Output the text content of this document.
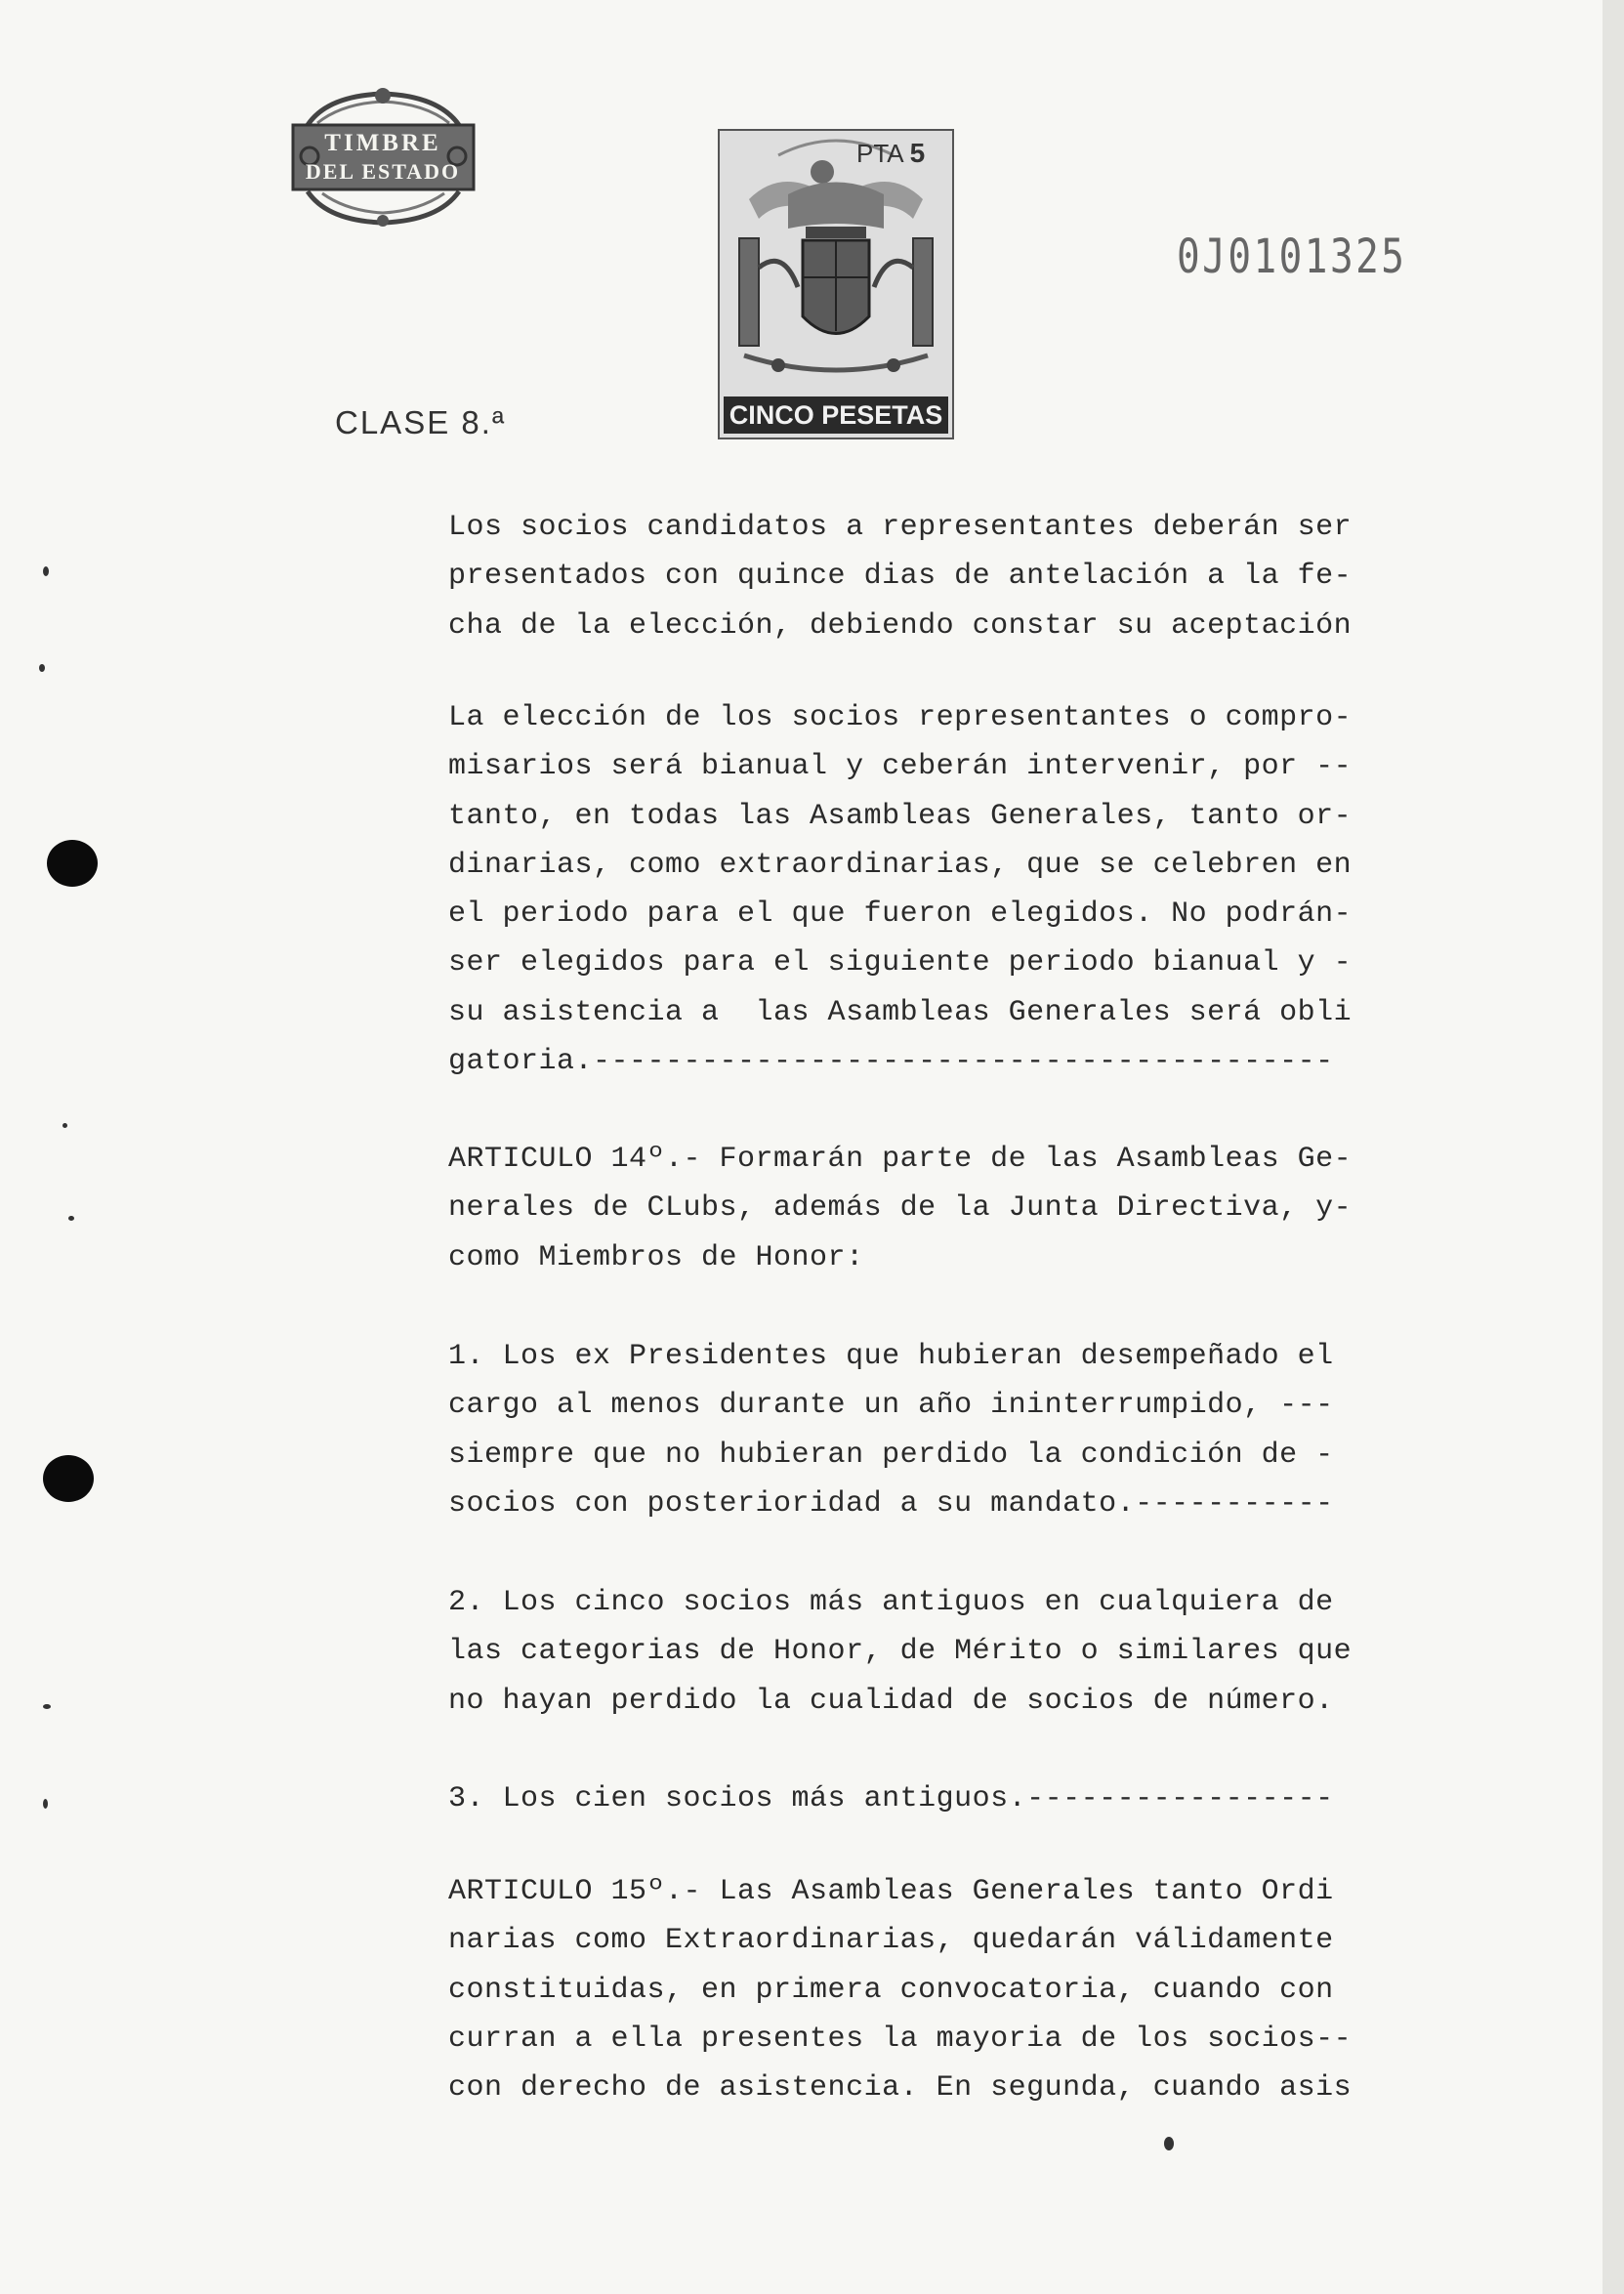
TIMBRE
DEL ESTADO
CLASE 8.ª
PTA 5
CINCO PESETAS
0J0101325
Los socios candidatos a representantes deberán ser
presentados con quince dias de antelación a la fe-
cha de la elección, debiendo constar su aceptación
La elección de los socios representantes o compro-
misarios será bianual y ceberán intervenir, por --
tanto, en todas las Asambleas Generales, tanto or-
dinarias, como extraordinarias, que se celebren en
el periodo para el que fueron elegidos. No podrán-
ser elegidos para el siguiente periodo bianual y -
su asistencia a  las Asambleas Generales será obli
gatoria.-----------------------------------------
ARTICULO 14º.- Formarán parte de las Asambleas Ge-
nerales de CLubs, además de la Junta Directiva, y-
como Miembros de Honor:
1. Los ex Presidentes que hubieran desempeñado el
cargo al menos durante un año ininterrumpido, ---
siempre que no hubieran perdido la condición de -
socios con posterioridad a su mandato.-----------
2. Los cinco socios más antiguos en cualquiera de
las categorias de Honor, de Mérito o similares que
no hayan perdido la cualidad de socios de número.
3. Los cien socios más antiguos.-----------------
ARTICULO 15º.- Las Asambleas Generales tanto Ordi
narias como Extraordinarias, quedarán válidamente
constituidas, en primera convocatoria, cuando con
curran a ella presentes la mayoria de los socios--
con derecho de asistencia. En segunda, cuando asis
